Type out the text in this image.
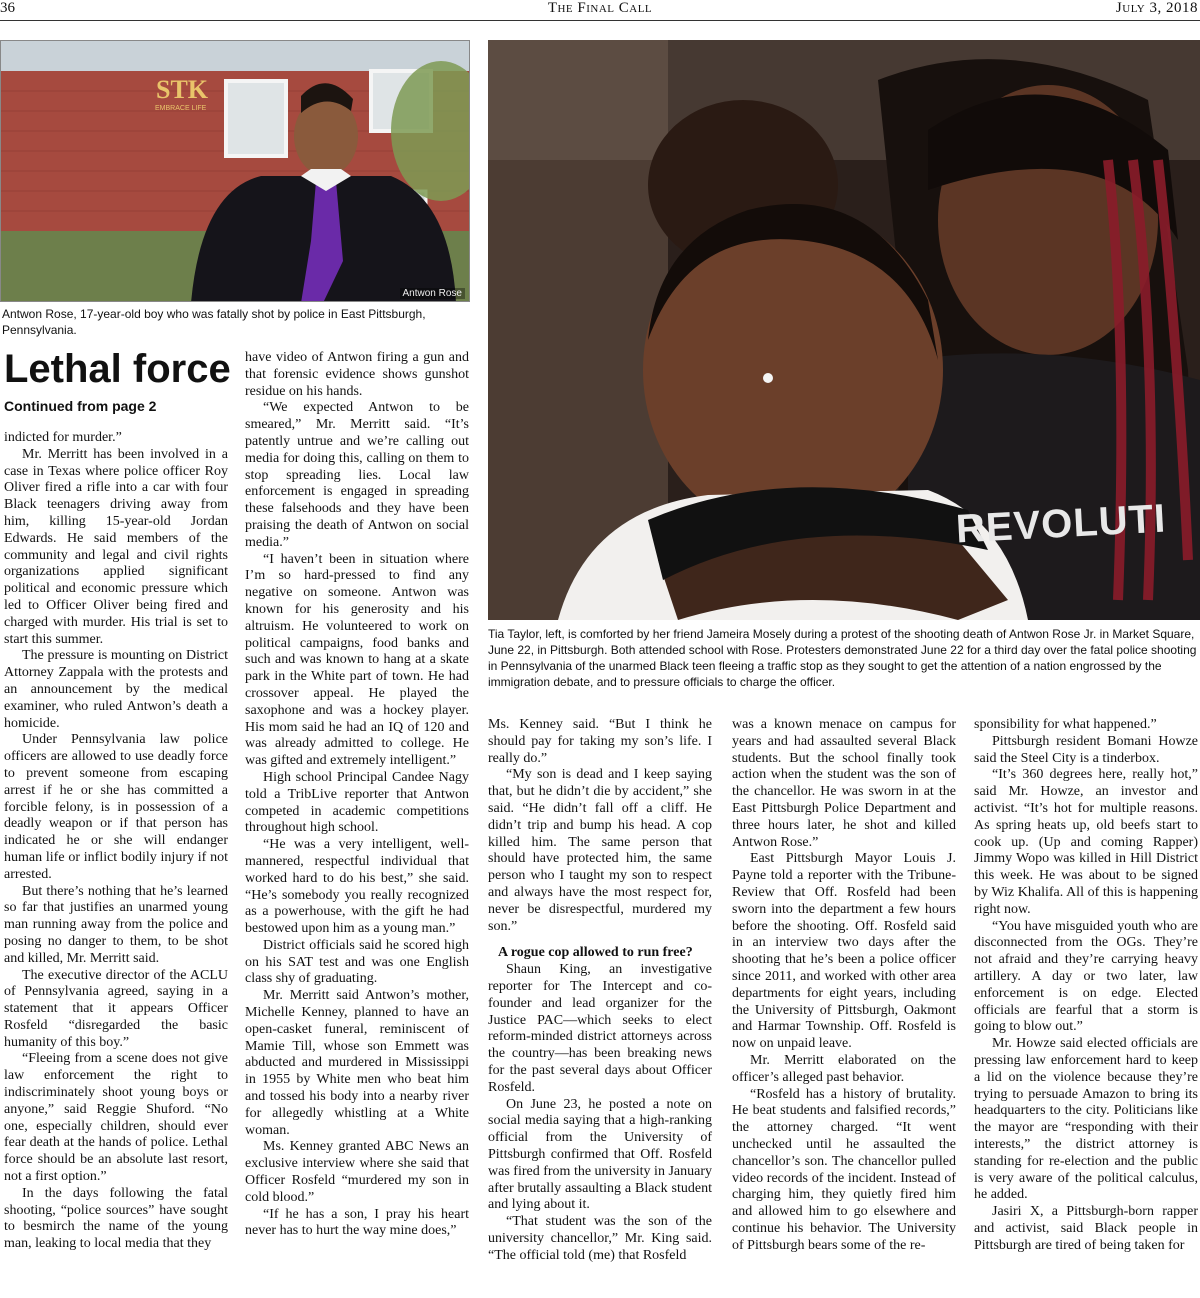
36	The Final Call	July 3, 2018
STK
EMBRACE LIFE
Antwon Rose
Antwon Rose, 17-year-old boy who was fatally shot by police in East Pittsburgh, Pennsylvania.
REVOLUTI
Tia Taylor, left, is comforted by her friend Jameira Mosely during a protest of the shooting death of Antwon Rose Jr. in Market Square, June 22, in Pittsburgh. Both attended school with Rose. Protesters demonstrated June 22 for a third day over the fatal police shooting in Pennsylvania of the unarmed Black teen fleeing a traffic stop as they sought to get the attention of a nation engrossed by the immigration debate, and to pressure officials to charge the officer.
Lethal force
Continued from page 2

indicted for murder.”

Mr. Merritt has been involved in a case in Texas where police officer Roy Oliver fired a rifle into a car with four Black teenagers driving away from him, killing 15-year-old Jordan Edwards. He said members of the community and legal and civil rights organizations applied significant political and economic pressure which led to Officer Oliver being fired and charged with murder. His trial is set to start this summer.

The pressure is mounting on District Attorney Zappala with the protests and an announcement by the medical examiner, who ruled Antwon’s death a homicide.

Under Pennsylvania law police officers are allowed to use deadly force to prevent someone from escaping arrest if he or she has committed a forcible felony, is in possession of a deadly weapon or if that person has indicated he or she will endanger human life or inflict bodily injury if not arrested.

But there’s nothing that he’s learned so far that justifies an unarmed young man running away from the police and posing no danger to them, to be shot and killed, Mr. Merritt said.

The executive director of the ACLU of Pennsylvania agreed, saying in a statement that it appears Officer Rosfeld “disregarded the basic humanity of this boy.”

“Fleeing from a scene does not give law enforcement the right to indiscriminately shoot young boys or anyone,” said Reggie Shuford. “No one, especially children, should ever fear death at the hands of police. Lethal force should be an absolute last resort, not a first option.”

In the days following the fatal shooting, “police sources” have sought to besmirch the name of the young man, leaking to local media that they

have video of Antwon firing a gun and that forensic evidence shows gunshot residue on his hands.

“We expected Antwon to be smeared,” Mr. Merritt said. “It’s patently untrue and we’re calling out media for doing this, calling on them to stop spreading lies. Local law enforcement is engaged in spreading these falsehoods and they have been praising the death of Antwon on social media.”

“I haven’t been in situation where I’m so hard-pressed to find any negative on someone. Antwon was known for his generosity and his altruism. He volunteered to work on political campaigns, food banks and such and was known to hang at a skate park in the White part of town. He had crossover appeal. He played the saxophone and was a hockey player. His mom said he had an IQ of 120 and was already admitted to college. He was gifted and extremely intelligent.”

High school Principal Candee Nagy told a TribLive reporter that Antwon competed in academic competitions throughout high school.

“He was a very intelligent, well-mannered, respectful individual that worked hard to do his best,” she said. “He’s somebody you really recognized as a powerhouse, with the gift he had bestowed upon him as a young man.”

District officials said he scored high on his SAT test and was one English class shy of graduating.

Mr. Merritt said Antwon’s mother, Michelle Kenney, planned to have an open-casket funeral, reminiscent of Mamie Till, whose son Emmett was abducted and murdered in Mississippi in 1955 by White men who beat him and tossed his body into a nearby river for allegedly whistling at a White woman.

Ms. Kenney granted ABC News an exclusive interview where she said that Officer Rosfeld “murdered my son in cold blood.”

“If he has a son, I pray his heart never has to hurt the way mine does,”

Ms. Kenney said. “But I think he should pay for taking my son’s life. I really do.”

“My son is dead and I keep saying that, but he didn’t die by accident,” she said. “He didn’t fall off a cliff. He didn’t trip and bump his head. A cop killed him. The same person that should have protected him, the same person who I taught my son to respect and always have the most respect for, never be disrespectful, murdered my son.”

A rogue cop allowed to run free?

Shaun King, an investigative reporter for The Intercept and co-founder and lead organizer for the Justice PAC—which seeks to elect reform-minded district attorneys across the country—has been breaking news for the past several days about Officer Rosfeld.

On June 23, he posted a note on social media saying that a high-ranking official from the University of Pittsburgh confirmed that Off. Rosfeld was fired from the university in January after brutally assaulting a Black student and lying about it.

“That student was the son of the university chancellor,” Mr. King said. “The official told (me) that Rosfeld

was a known menace on campus for years and had assaulted several Black students. But the school finally took action when the student was the son of the chancellor. He was sworn in at the East Pittsburgh Police Department and three hours later, he shot and killed Antwon Rose.”

East Pittsburgh Mayor Louis J. Payne told a reporter with the Tribune-Review that Off. Rosfeld had been sworn into the department a few hours before the shooting. Off. Rosfeld said in an interview two days after the shooting that he’s been a police officer since 2011, and worked with other area departments for eight years, including the University of Pittsburgh, Oakmont and Harmar Township. Off. Rosfeld is now on unpaid leave.

Mr. Merritt elaborated on the officer’s alleged past behavior.

“Rosfeld has a history of brutality. He beat students and falsified records,” the attorney charged. “It went unchecked until he assaulted the chancellor’s son. The chancellor pulled video records of the incident. Instead of charging him, they quietly fired him and allowed him to go elsewhere and continue his behavior. The University of Pittsburgh bears some of the re-

sponsibility for what happened.”

Pittsburgh resident Bomani Howze said the Steel City is a tinderbox.

“It’s 360 degrees here, really hot,” said Mr. Howze, an investor and activist. “It’s hot for multiple reasons. As spring heats up, old beefs start to cook up. (Up and coming Rapper) Jimmy Wopo was killed in Hill District this week. He was about to be signed by Wiz Khalifa. All of this is happening right now.

“You have misguided youth who are disconnected from the OGs. They’re not afraid and they’re carrying heavy artillery. A day or two later, law enforcement is on edge. Elected officials are fearful that a storm is going to blow out.”

Mr. Howze said elected officials are pressing law enforcement hard to keep a lid on the violence because they’re trying to persuade Amazon to bring its headquarters to the city. Politicians like the mayor are “responding with their interests,” the district attorney is standing for re-election and the public is very aware of the political calculus, he added.

Jasiri X, a Pittsburgh-born rapper and activist, said Black people in Pittsburgh are tired of being taken for
